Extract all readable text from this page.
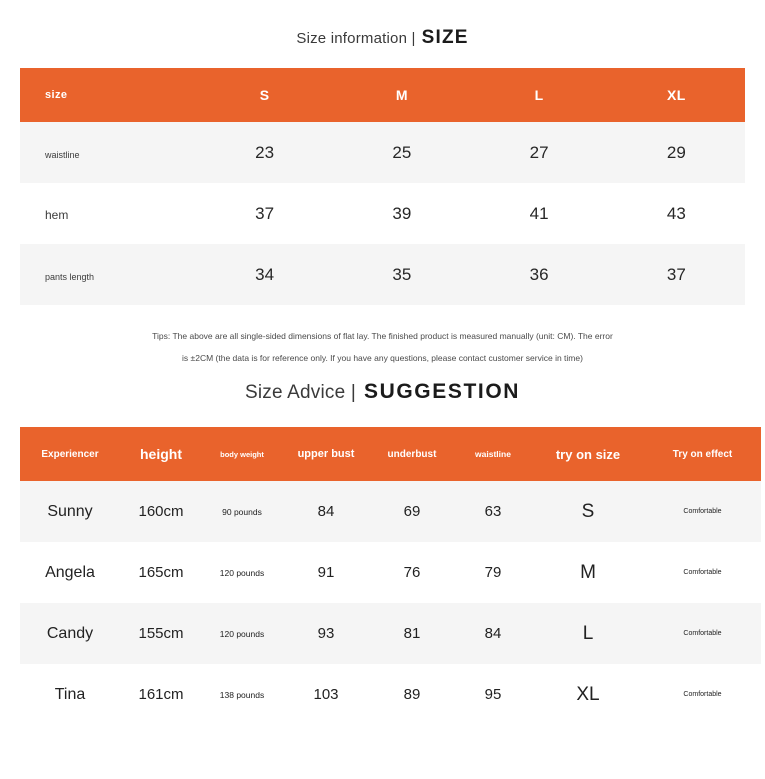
Size information | SIZE
size	S	M	L	XL
waistline	23	25	27	29
hem	37	39	41	43
pants length	34	35	36	37
Tips: The above are all single-sided dimensions of flat lay. The finished product is measured manually (unit: CM). The error
is ±2CM (the data is for reference only. If you have any questions, please contact customer service in time)
Size Advice | SUGGESTION
Experiencer	height	body weight	upper bust	underbust	waistline	try on size	Try on effect
Sunny	160cm	90 pounds	84	69	63	S	Comfortable
Angela	165cm	120 pounds	91	76	79	M	Comfortable
Candy	155cm	120 pounds	93	81	84	L	Comfortable
Tina	161cm	138 pounds	103	89	95	XL	Comfortable
